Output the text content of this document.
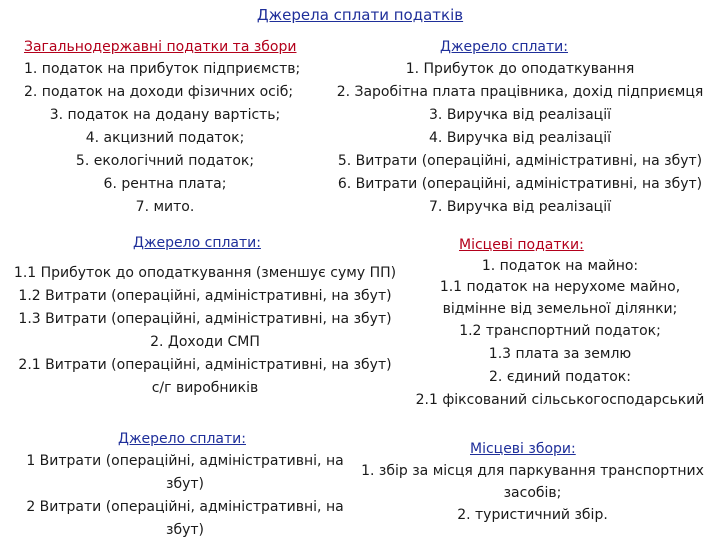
Джерела сплати податків
Загальнодержавні податки та збори
1. податок на прибуток підприємств;
2. податок на доходи фізичних осіб;
3. податок на додану вартість;
4. акцизний податок;
5. екологічний податок;
6. рентна плата;
7. мито.
Джерело сплати:
1. Прибуток до оподаткування
2. Заробітна плата працівника, дохід підприємця
3. Виручка від реалізації
4. Виручка від реалізації
5. Витрати (операційні, адміністративні, на збут)
6. Витрати (операційні, адміністративні, на збут)
7. Виручка від реалізації
Джерело сплати:
1.1 Прибуток до оподаткування (зменшує суму ПП)
1.2 Витрати (операційні, адміністративні, на збут)
1.3 Витрати (операційні, адміністративні, на збут)
2. Доходи СМП
2.1 Витрати (операційні, адміністративні, на збут)
с/г виробників
Місцеві податки:
1. податок на майно:
1.1 податок на нерухоме майно,
відмінне від земельної ділянки;
1.2 транспортний податок;
1.3 плата за землю
2. єдиний податок:
2.1 фіксований сільськогосподарський
Джерело сплати:
1 Витрати (операційні, адміністративні, на
збут)
2 Витрати (операційні, адміністративні, на
збут)
Місцеві збори:
1. збір за місця для паркування транспортних
засобів;
2. туристичний збір.
